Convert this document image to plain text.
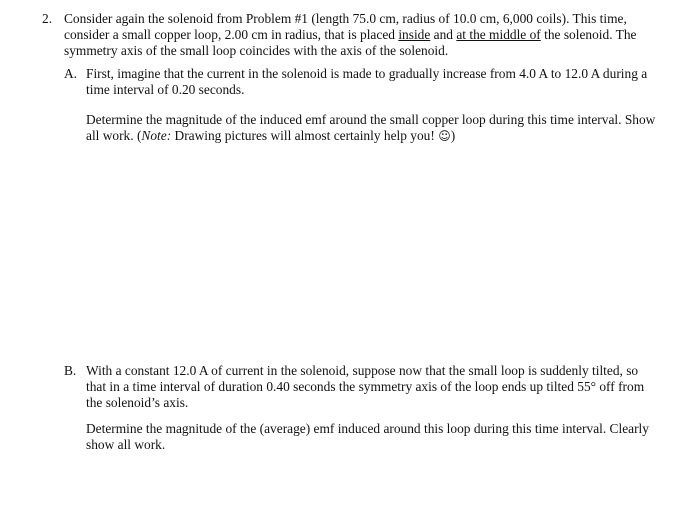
2. Consider again the solenoid from Problem #1 (length 75.0 cm, radius of 10.0 cm, 6,000 coils). This time, consider a small copper loop, 2.00 cm in radius, that is placed inside and at the middle of the solenoid. The symmetry axis of the small loop coincides with the axis of the solenoid.
A. First, imagine that the current in the solenoid is made to gradually increase from 4.0 A to 12.0 A during a time interval of 0.20 seconds.
Determine the magnitude of the induced emf around the small copper loop during this time interval. Show all work. (Note: Drawing pictures will almost certainly help you! ☺)
B. With a constant 12.0 A of current in the solenoid, suppose now that the small loop is suddenly tilted, so that in a time interval of duration 0.40 seconds the symmetry axis of the loop ends up tilted 55° off from the solenoid’s axis.
Determine the magnitude of the (average) emf induced around this loop during this time interval. Clearly show all work.
